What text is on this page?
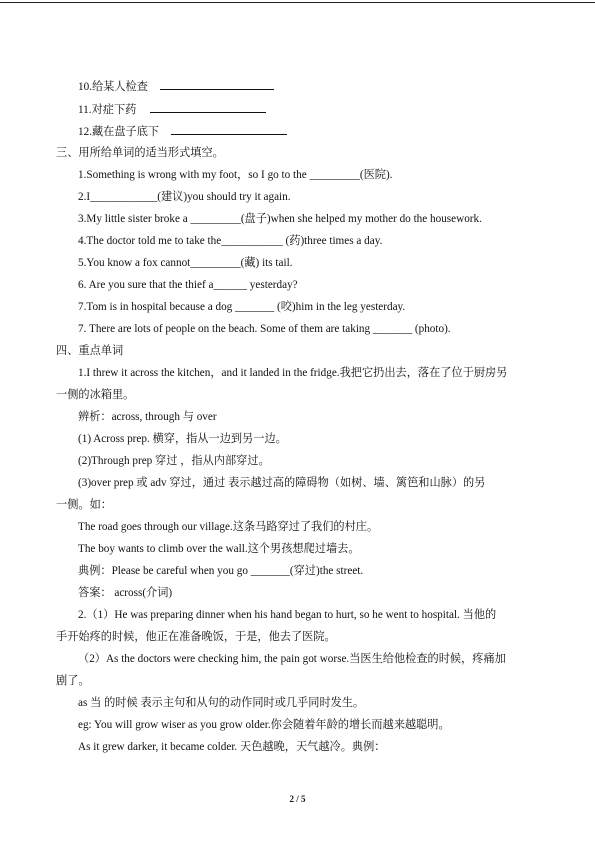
10.给某人检查
11.对症下药
12.藏在盘子底下
三、用所给单词的适当形式填空。
1.Something is wrong with my foot，so I go to the _________(医院).
2.I____________(建议)you should try it again.
3.My little sister broke a _________(盘子)when she helped my mother do the housework.
4.The doctor told me to take the___________ (药)three times a day.
5.You know a fox cannot_________(藏) its tail.
6. Are you sure that the thief a______ yesterday?
7.Tom is in hospital because a dog _______ (咬)him in the leg yesterday.
7. There are lots of people on the beach. Some of them are taking _______ (photo).
四、重点单词
1.I threw it across the kitchen，and it landed in the fridge.我把它扔出去，落在了位于厨房另
一侧的冰箱里。
辨析：across, through 与 over
(1) Across prep. 横穿，指从一边到另一边。
(2)Through prep 穿过 ，指从内部穿过。
(3)over prep 或 adv 穿过，通过 表示越过高的障碍物（如树、墙、篱笆和山脉）的另
一侧。如：
The road goes through our village.这条马路穿过了我们的村庄。
The boy wants to climb over the wall.这个男孩想爬过墙去。
典例：Please be careful when you go _______(穿过)the street.
答案： across(介词)
2.（1）He was preparing dinner when his hand began to hurt, so he went to hospital. 当他的
手开始疼的时候，他正在准备晚饭，于是，他去了医院。
（2）As the doctors were checking him, the pain got worse.当医生给他检查的时候，疼痛加
剧了。
as 当 的时候 表示主句和从句的动作同时或几乎同时发生。
eg: You will grow wiser as you grow older.你会随着年龄的增长而越来越聪明。
As it grew darker, it became colder. 天色越晚，天气越冷。典例：
2 / 5
